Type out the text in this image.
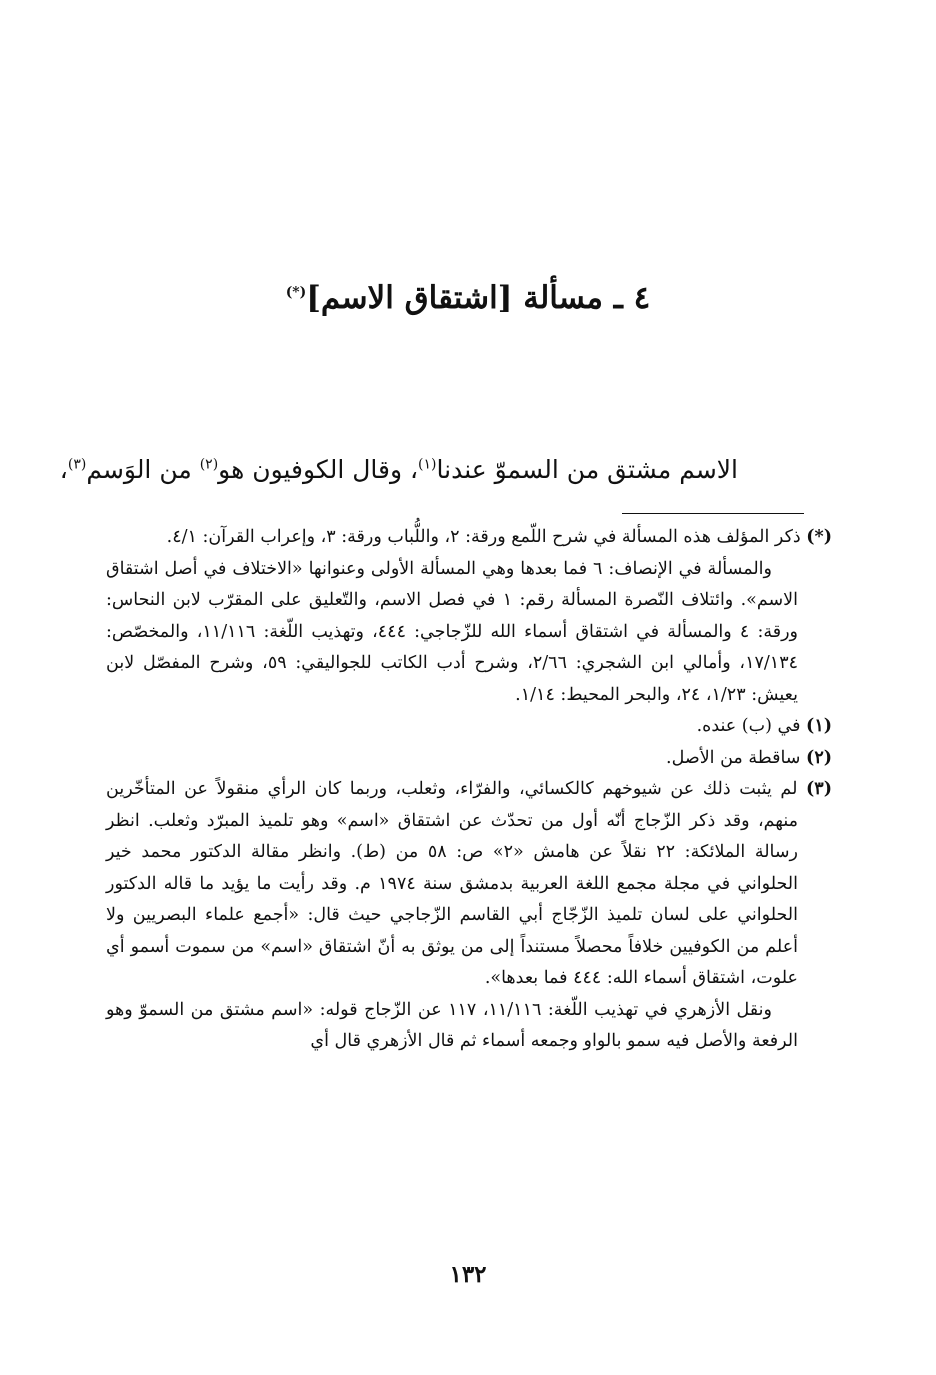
٤ ـ مسألة [اشتقاق الاسم](*)

الاسم مشتق من السموّ عندنا$^{(١)}$، وقال الكوفيون هو$^{(٢)}$ من الوَسم$^{(٣)}$،

(*) ذكر المؤلف هذه المسألة في شرح اللّمع ورقة: ٢، واللُّباب ورقة: ٣، وإعراب القرآن: ٤/١.

والمسألة في الإنصاف: ٦ فما بعدها وهي المسألة الأولى وعنوانها «الاختلاف في أصل اشتقاق الاسم». وائتلاف النّصرة المسألة رقم: ١ في فصل الاسم، والتّعليق على المقرّب لابن النحاس: ورقة: ٤ والمسألة في اشتقاق أسماء الله للزّجاجي: ٤٤٤، وتهذيب اللّغة: ١١/١١٦، والمخصّص: ١٧/١٣٤، وأمالي ابن الشجري: ٢/٦٦، وشرح أدب الكاتب للجواليقي: ٥٩، وشرح المفصّل لابن يعيش: ١/٢٣، ٢٤، والبحر المحيط: ١/١٤.

(١) في (ب) عنده.

(٢) ساقطة من الأصل.

(٣) لم يثبت ذلك عن شيوخهم كالكسائي، والفرّاء، وثعلب، وربما كان الرأي منقولاً عن المتأخّرين منهم، وقد ذكر الزّجاج أنّه أول من تحدّث عن اشتقاق «اسم» وهو تلميذ المبرّد وثعلب. انظر رسالة الملائكة: ٢٢ نقلاً عن هامش «٢» ص: ٥٨ من (ط). وانظر مقالة الدكتور محمد خير الحلواني في مجلة مجمع اللغة العربية بدمشق سنة ١٩٧٤ م. وقد رأيت ما يؤيد ما قاله الدكتور الحلواني على لسان تلميذ الزّجّاج أبي القاسم الزّجاجي حيث قال: «أجمع علماء البصريين ولا أعلم من الكوفيين خلافاً محصلاً مستنداً إلى من يوثق به أنّ اشتقاق «اسم» من سموت أسمو أي علوت، اشتقاق أسماء الله: ٤٤٤ فما بعدها».

ونقل الأزهري في تهذيب اللّغة: ١١/١١٦، ١١٧ عن الزّجاج قوله: «اسم مشتق من السموّ وهو الرفعة والأصل فيه سمو بالواو وجمعه أسماء ثم قال الأزهري قال أي

١٣٢
